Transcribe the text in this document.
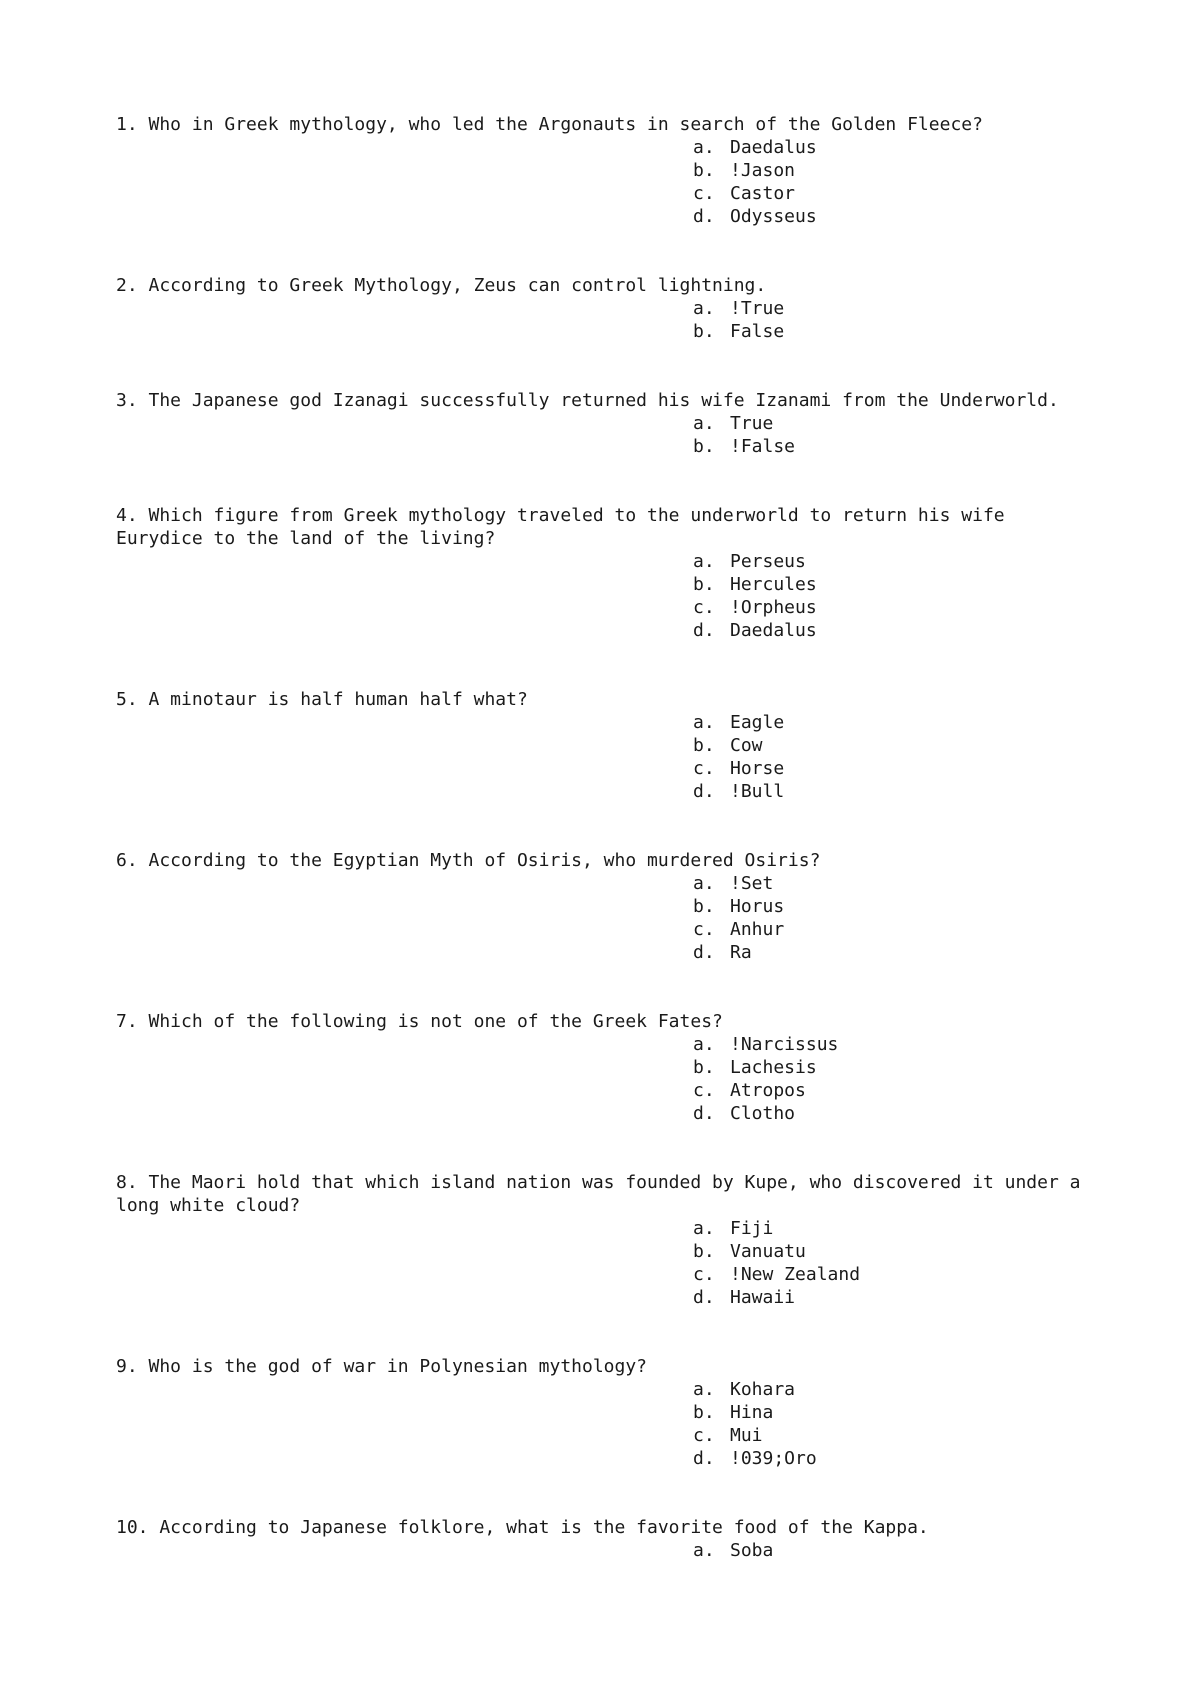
1. Who in Greek mythology, who led the Argonauts in search of the Golden Fleece?

a. Daedalus
b. !Jason
c. Castor
d. Odysseus

2. According to Greek Mythology, Zeus can control lightning.

a. !True
b. False

3. The Japanese god Izanagi successfully returned his wife Izanami from the Underworld.

a. True
b. !False

4. Which figure from Greek mythology traveled to the underworld to return his wife Eurydice to the land of the living?

a. Perseus
b. Hercules
c. !Orpheus
d. Daedalus

5. A minotaur is half human half what?

a. Eagle
b. Cow
c. Horse
d. !Bull

6. According to the Egyptian Myth of Osiris, who murdered Osiris?

a. !Set
b. Horus
c. Anhur
d. Ra

7. Which of the following is not one of the Greek Fates?

a. !Narcissus
b. Lachesis
c. Atropos
d. Clotho

8. The Maori hold that which island nation was founded by Kupe, who discovered it under a long white cloud?

a. Fiji
b. Vanuatu
c. !New Zealand
d. Hawaii

9. Who is the god of war in Polynesian mythology?

a. Kohara
b. Hina
c. Mui
d. !039;Oro

10. According to Japanese folklore, what is the favorite food of the Kappa.

a. Soba
